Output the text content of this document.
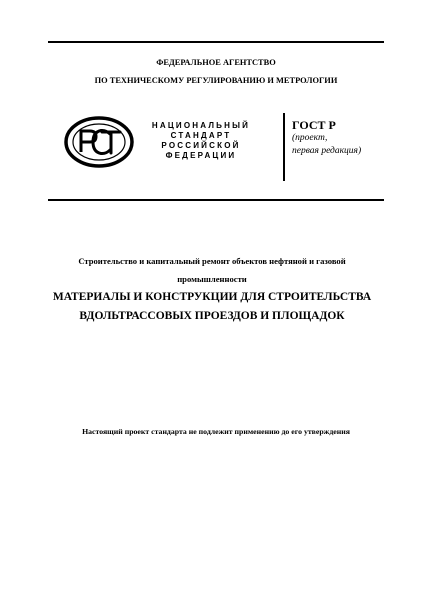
ФЕДЕРАЛЬНОЕ АГЕНТСТВО
ПО ТЕХНИЧЕСКОМУ РЕГУЛИРОВАНИЮ И МЕТРОЛОГИИ
НАЦИОНАЛЬНЫЙ
СТАНДАРТ
РОССИЙСКОЙ
ФЕДЕРАЦИИ
ГОСТ Р
(проект,
первая редакция)
Строительство и капитальный ремонт объектов нефтяной и газовой
промышленности
МАТЕРИАЛЫ И КОНСТРУКЦИИ ДЛЯ СТРОИТЕЛЬСТВА
ВДОЛЬТРАССОВЫХ ПРОЕЗДОВ И ПЛОЩАДОК
Настоящий проект стандарта не подлежит применению до его утверждения
